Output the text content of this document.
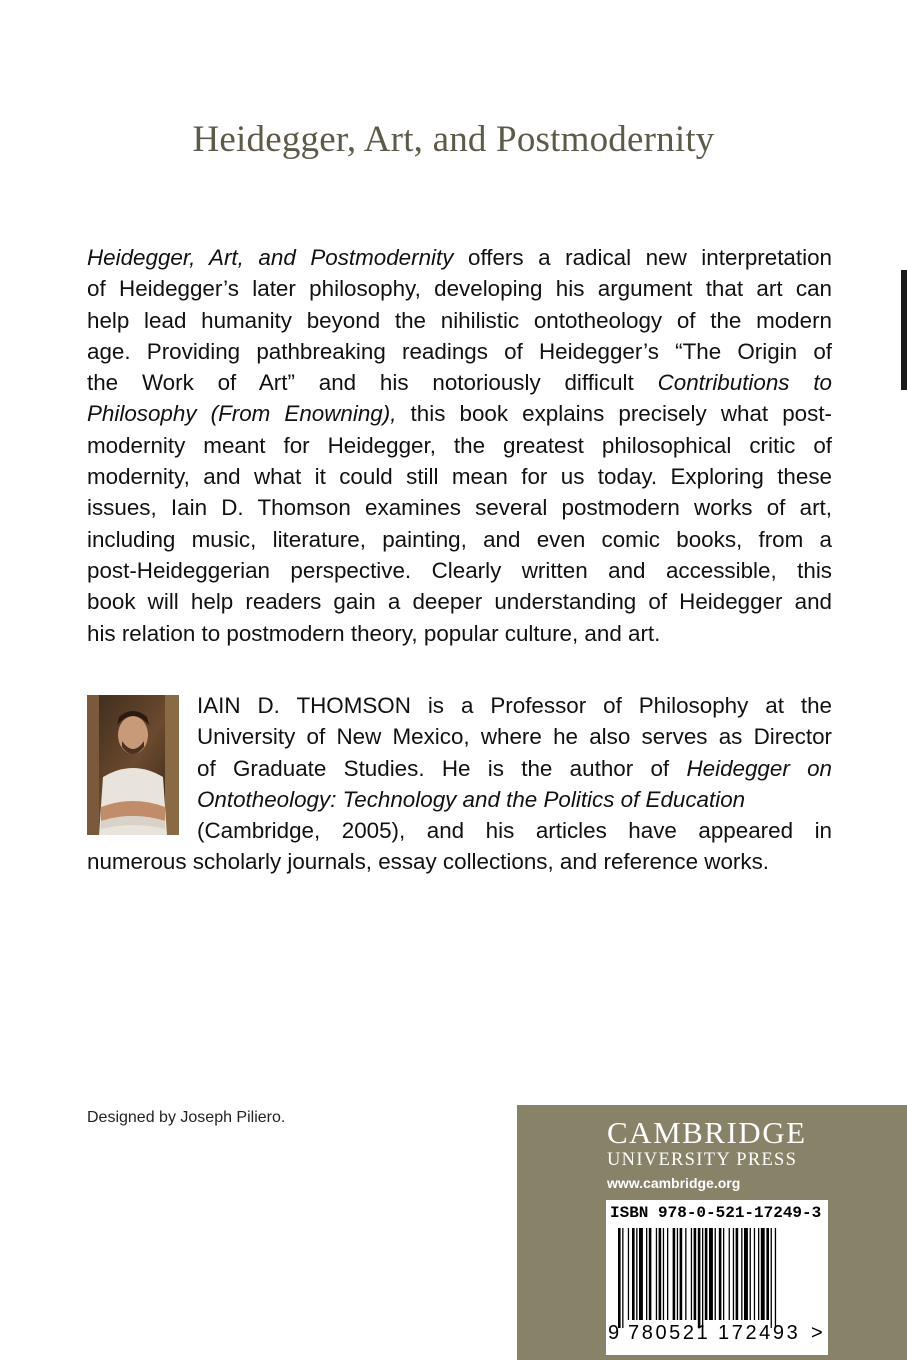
Heidegger, Art, and Postmodernity
Heidegger, Art, and Postmodernity offers a radical new interpretation
of Heidegger’s later philosophy, developing his argument that art can
help lead humanity beyond the nihilistic ontotheology of the modern
age. Providing pathbreaking readings of Heidegger’s “The Origin of
the Work of Art” and his notoriously difficult Contributions to
Philosophy (From Enowning), this book explains precisely what post-
modernity meant for Heidegger, the greatest philosophical critic of
modernity, and what it could still mean for us today. Exploring these
issues, Iain D. Thomson examines several postmodern works of art,
including music, literature, painting, and even comic books, from a
post-Heideggerian perspective. Clearly written and accessible, this
book will help readers gain a deeper understanding of Heidegger and
his relation to postmodern theory, popular culture, and art.
IAIN D. THOMSON is a Professor of Philosophy at the
University of New Mexico, where he also serves as Director
of Graduate Studies. He is the author of Heidegger on
Ontotheology: Technology and the Politics of Education
(Cambridge, 2005), and his articles have appeared in
numerous scholarly journals, essay collections, and reference works.
Designed by Joseph Piliero.	CAMBRIDGE
UNIVERSITY PRESS
www.cambridge.org
ISBN 978-0-521-17249-3
9 780521 172493 >
